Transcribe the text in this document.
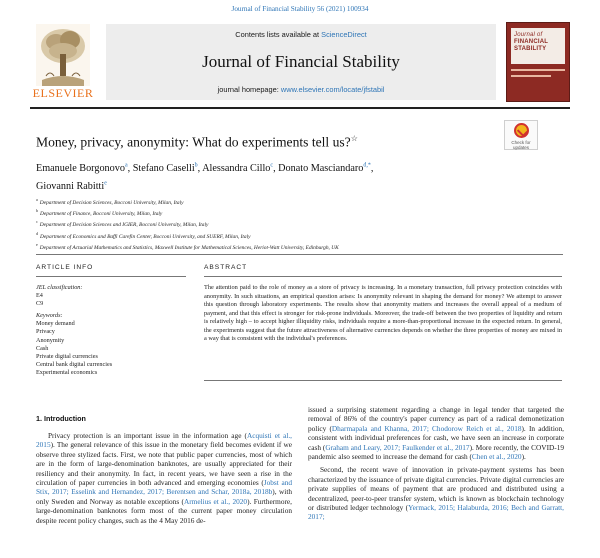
Journal of Financial Stability 56 (2021) 100934
ELSEVIER
Contents lists available at ScienceDirect
Journal of Financial Stability
journal homepage: www.elsevier.com/locate/jfstabil
Journal of
FINANCIAL
STABILITY
Money, privacy, anonymity: What do experiments tell us?☆	Check for
updates
Emanuele Borgonovo$^a$, Stefano Caselli$^b$, Alessandra Cillo$^c$, Donato Masciandaro$^{d,*}$,
Giovanni Rabitti$^e$
$^a$Department of Decision Sciences, Bocconi University, Milan, Italy
$^b$Department of Finance, Bocconi University, Milan, Italy
$^c$Department of Decision Sciences and IGIER, Bocconi University, Milan, Italy
$^d$Department of Economics and Baffi Carefin Center, Bocconi University, and SUERF, Milan, Italy
$^e$Department of Actuarial Mathematics and Statistics, Maxwell Institute for Mathematical Sciences, Heriot-Watt University, Edinburgh, UK
ARTICLE INFO	ABSTRACT
JEL classification:
E4
C9
Keywords:
Money demand
Privacy
Anonymity
Cash
Private digital currencies
Central bank digital currencies
Experimental economics
The attention paid to the role of money as a store of privacy is increasing. In a monetary transaction, full privacy protection coincides with anonymity. In such situations, an empirical question arises: Is anonymity relevant in shaping the demand for money? We attempt to answer this question through laboratory experiments. The results show that anonymity matters and increases the overall appeal of a medium of payment, and that this effect is stronger for risk-prone individuals. Moreover, the trade-off between the two properties of liquidity and return is relatively high – to accept higher illiquidity risks, individuals require a more-than-proportional increase in the expected return. In general, the experiments suggest that the future attractiveness of alternative currencies depends on whether the three properties of money are mixed in a way that is consistent with the individual's preferences.
1. Introduction
Privacy protection is an important issue in the information age (Acquisti et al., 2015). The general relevance of this issue in the monetary field becomes evident if we observe three stylized facts. First, we note that public paper currencies, most of which are in the form of large-denomination banknotes, are usually appreciated for their resiliency and their anonymity. In fact, in recent years, we have seen a rise in the circulation of paper currencies in both advanced and emerging economies (Jobst and Stix, 2017; Esselink and Hernandez, 2017; Berentsen and Schar, 2018a, 2018b), with only Sweden and Norway as notable exceptions (Armelius et al., 2020). Furthermore, large-denomination banknotes form most of the current paper money circulation despite recent policy changes, such as the 4 May 2016 de-
issued a surprising statement regarding a change in legal tender that targeted the removal of 86% of the country's paper currency as part of a radical demonetization policy (Dharmapala and Khanna, 2017; Chodorow Reich et al., 2018). In addition, consistent with individual preferences for cash, we have seen an increase in corporate cash (Graham and Leary, 2017; Faulkender et al., 2017). More recently, the COVID-19 pandemic also seemed to increase the demand for cash (Chen et al., 2020).
Second, the recent wave of innovation in private-payment systems has been characterized by the issuance of private digital currencies. Private digital currencies are private supplies of means of payment that are produced and distributed using a decentralized, peer-to-peer transfer system, which is known as blockchain technology or distributed ledger technology (Yermack, 2015; Halaburda, 2016; Bech and Garratt, 2017;
